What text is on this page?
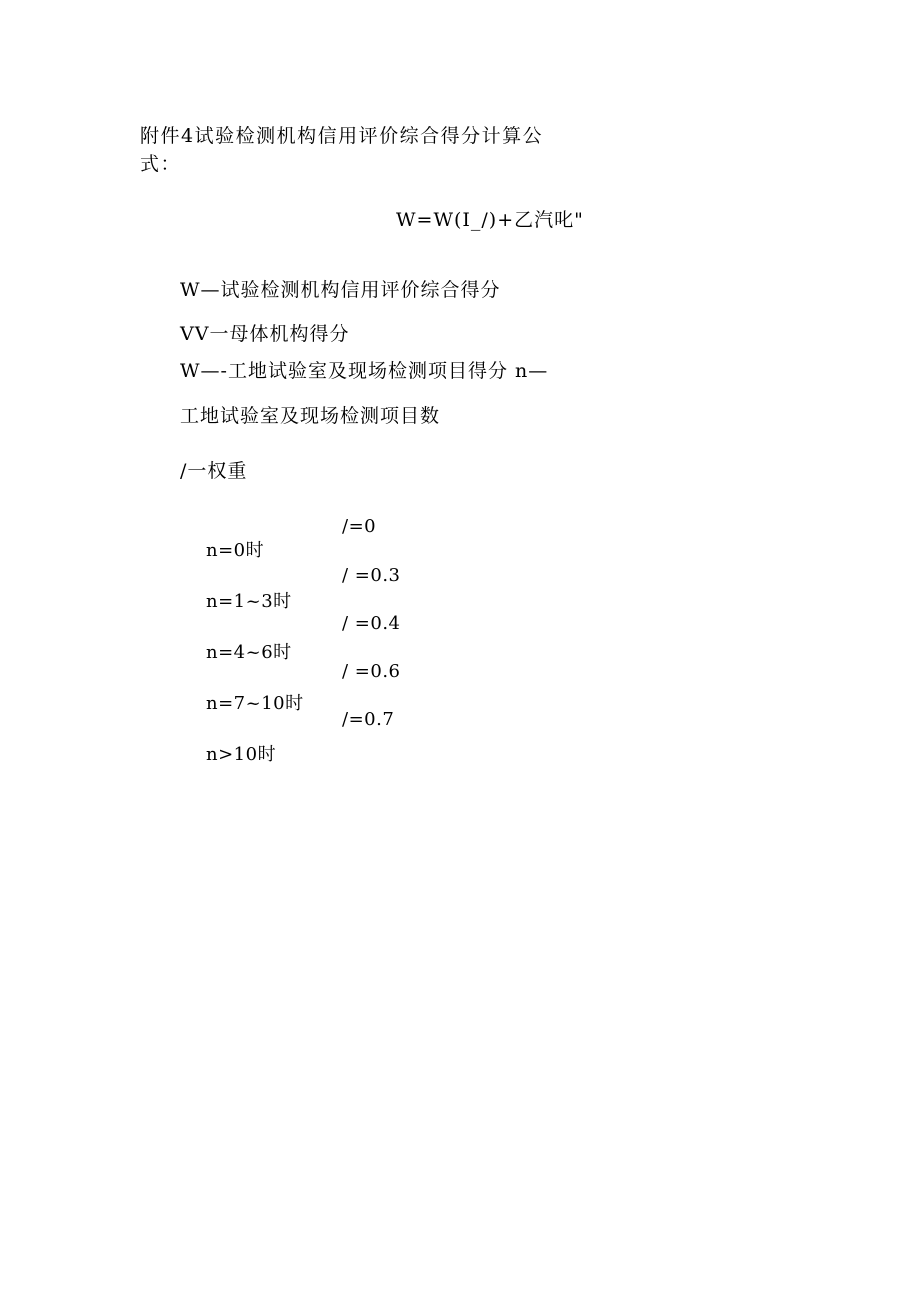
附件4试验检测机构信用评价综合得分计算公式：
W=W(I_/)+乙汽叱"
W—试验检测机构信用评价综合得分
VV一母体机构得分
W—-工地试验室及现场检测项目得分 n—
工地试验室及现场检测项目数
/一权重
/=0
n=0时
/ =0.3
n=1~3时
/ =0.4
n=4~6时
/ =0.6
n=7~10时
/=0.7
n>10时
